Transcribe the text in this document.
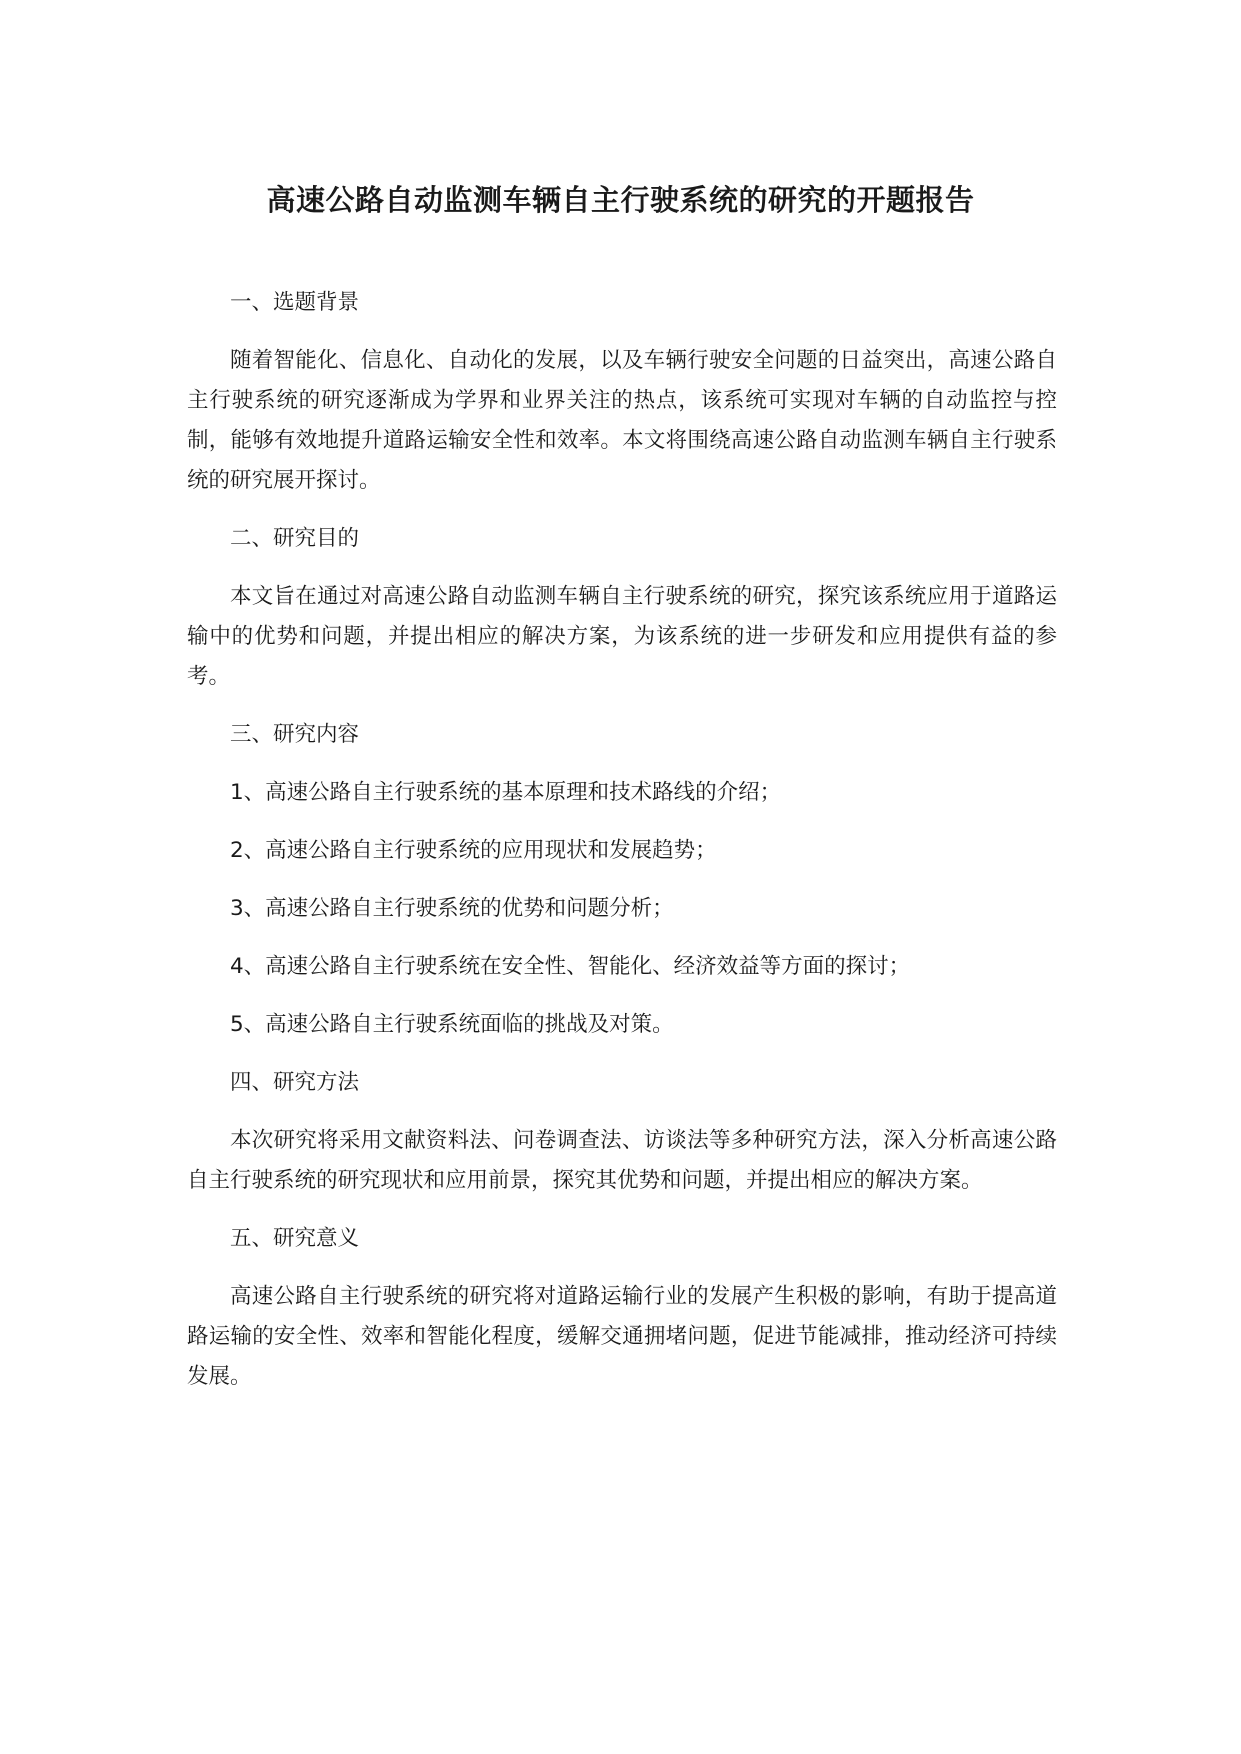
高速公路自动监测车辆自主行驶系统的研究的开题报告
一、选题背景
随着智能化、信息化、自动化的发展，以及车辆行驶安全问题的日益突出，高速公路自主行驶系统的研究逐渐成为学界和业界关注的热点，该系统可实现对车辆的自动监控与控制，能够有效地提升道路运输安全性和效率。本文将围绕高速公路自动监测车辆自主行驶系统的研究展开探讨。
二、研究目的
本文旨在通过对高速公路自动监测车辆自主行驶系统的研究，探究该系统应用于道路运输中的优势和问题，并提出相应的解决方案，为该系统的进一步研发和应用提供有益的参考。
三、研究内容
1、高速公路自主行驶系统的基本原理和技术路线的介绍；
2、高速公路自主行驶系统的应用现状和发展趋势；
3、高速公路自主行驶系统的优势和问题分析；
4、高速公路自主行驶系统在安全性、智能化、经济效益等方面的探讨；
5、高速公路自主行驶系统面临的挑战及对策。
四、研究方法
本次研究将采用文献资料法、问卷调查法、访谈法等多种研究方法，深入分析高速公路自主行驶系统的研究现状和应用前景，探究其优势和问题，并提出相应的解决方案。
五、研究意义
高速公路自主行驶系统的研究将对道路运输行业的发展产生积极的影响，有助于提高道路运输的安全性、效率和智能化程度，缓解交通拥堵问题，促进节能减排，推动经济可持续发展。
